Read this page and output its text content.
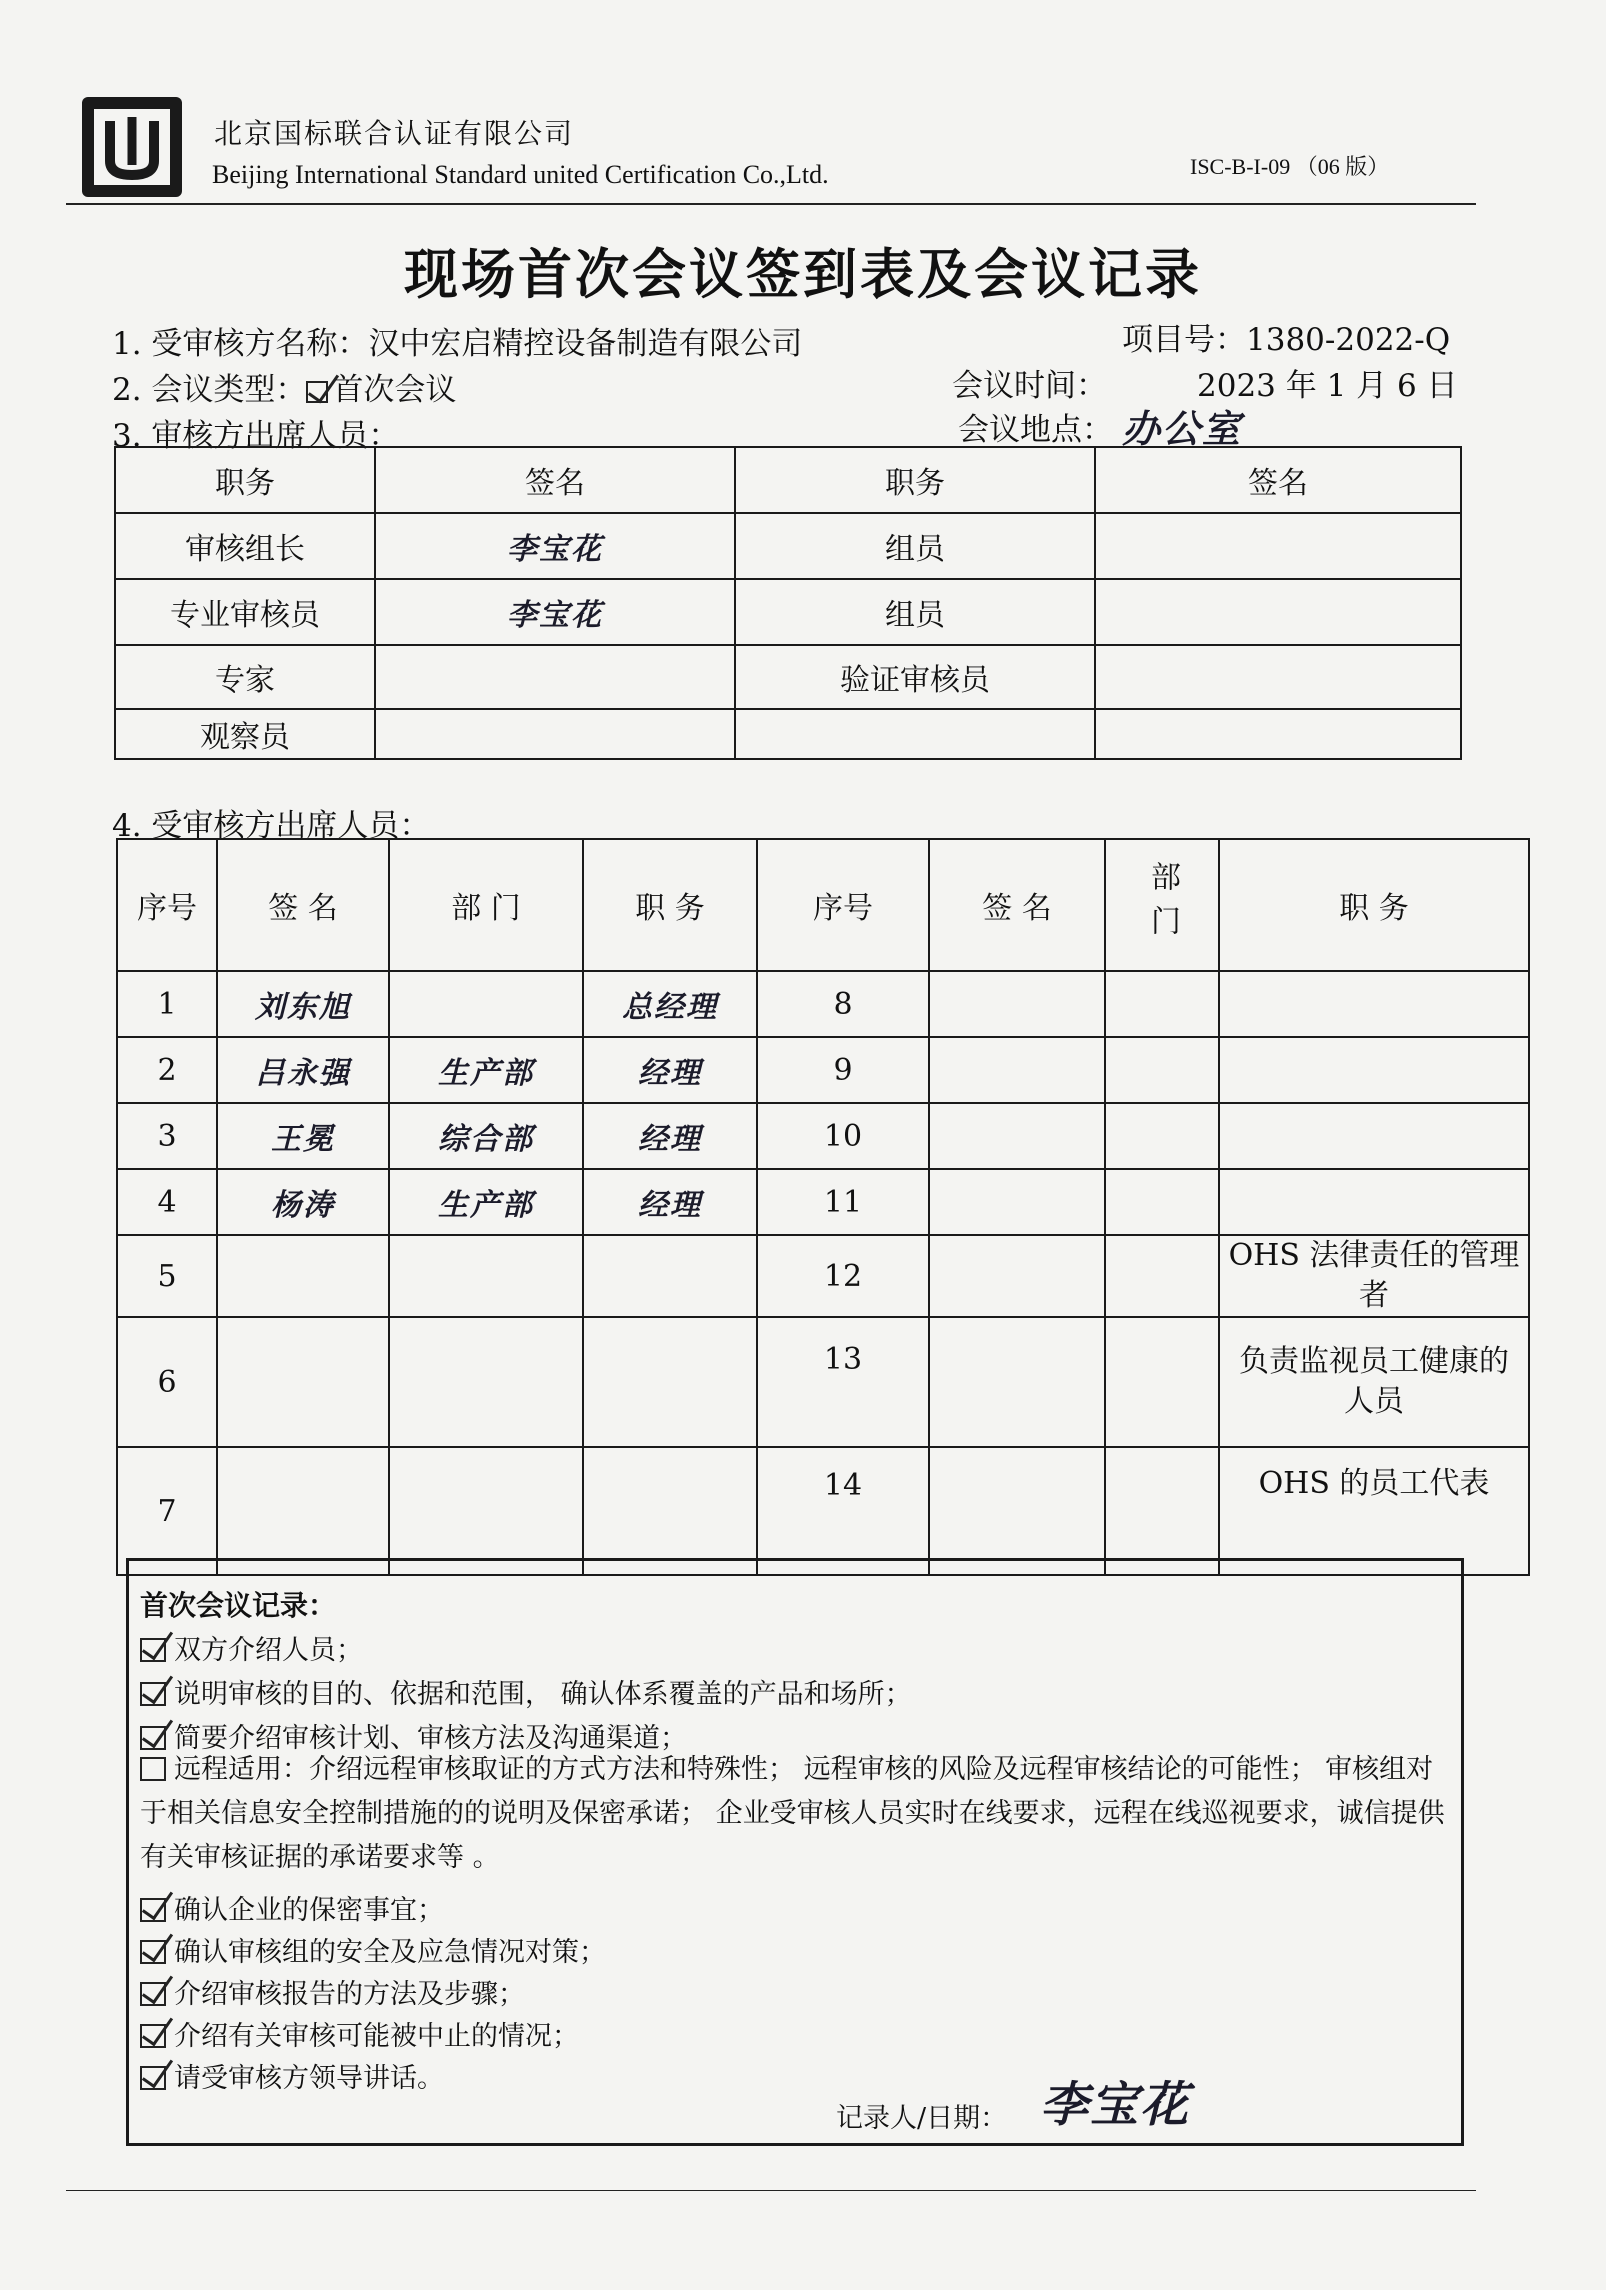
北京国标联合认证有限公司
Beijing International Standard united Certification Co.,Ltd.	ISC-B-I-09 （06 版）
现场首次会议签到表及会议记录
1. 受审核方名称：汉中宏启精控设备制造有限公司	项目号：1380-2022-Q
2. 会议类型： 首次会议	会议时间：	2023 年 1 月 6 日
3. 审核方出席人员：	会议地点： 办公室
职务	签名	职务	签名
审核组长	李宝花	组员	
专业审核员	李宝花	组员	
专家		验证审核员	
观察员			
4. 受审核方出席人员：
序号	签 名	部 门	职 务	序号	签 名	部门	职 务
1	刘东旭		总经理	8			
2	吕永强	生产部	经理	9			
3	王冕	综合部	经理	10			
4	杨涛	生产部	经理	11			
5				12			OHS 法律责任的管理者
6				13			负责监视员工健康的人员
7				14			OHS 的员工代表
首次会议记录：
双方介绍人员；
说明审核的目的、依据和范围， 确认体系覆盖的产品和场所；
简要介绍审核计划、审核方法及沟通渠道；
远程适用：介绍远程审核取证的方式方法和特殊性； 远程审核的风险及远程审核结论的可能性； 审核组对于相关信息安全控制措施的的说明及保密承诺； 企业受审核人员实时在线要求，远程在线巡视要求，诚信提供有关审核证据的承诺要求等 。
确认企业的保密事宜；
确认审核组的安全及应急情况对策；
介绍审核报告的方法及步骤；
介绍有关审核可能被中止的情况；
请受审核方领导讲话。
记录人/日期： 李宝花
